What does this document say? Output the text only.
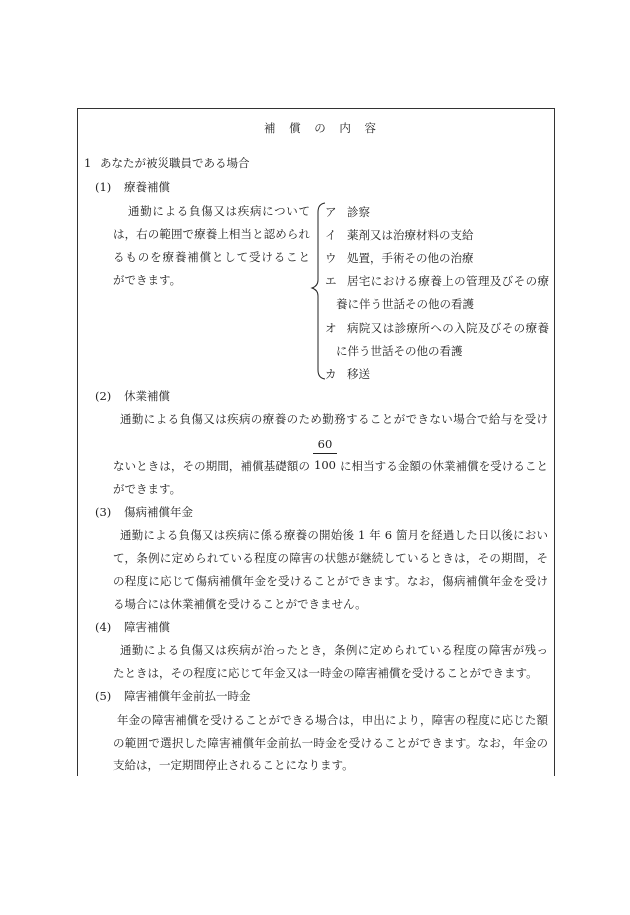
補　償　の　内　容
1 あなたが被災職員である場合
(1) 療養補償
通勤による負傷又は疾病について
は，右の範囲で療養上相当と認められ
るものを療養補償として受けること
ができます。
ア 診察
イ 薬剤又は治療材料の支給
ウ 処置，手術その他の治療
エ 居宅における療養上の管理及びその療
養に伴う世話その他の看護
オ 病院又は診療所への入院及びその療養
に伴う世話その他の看護
カ 移送
(2) 休業補償
通勤による負傷又は疾病の療養のため勤務することができない場合で給与を受け
ないときは，その期間，補償基礎額の
60
100 に相当する金額の休業補償を受けること
ができます。
(3) 傷病補償年金
通勤による負傷又は疾病に係る療養の開始後 1 年 6 箇月を経過した日以後におい
て，条例に定められている程度の障害の状態が継続しているときは，その期間，そ
の程度に応じて傷病補償年金を受けることができます。なお，傷病補償年金を受け
る場合には休業補償を受けることができません。
(4) 障害補償
通勤による負傷又は疾病が治ったとき，条例に定められている程度の障害が残っ
たときは，その程度に応じて年金又は一時金の障害補償を受けることができます。
(5) 障害補償年金前払一時金
年金の障害補償を受けることができる場合は，申出により，障害の程度に応じた額
の範囲で選択した障害補償年金前払一時金を受けることができます。なお，年金の
支給は，一定期間停止されることになります。
